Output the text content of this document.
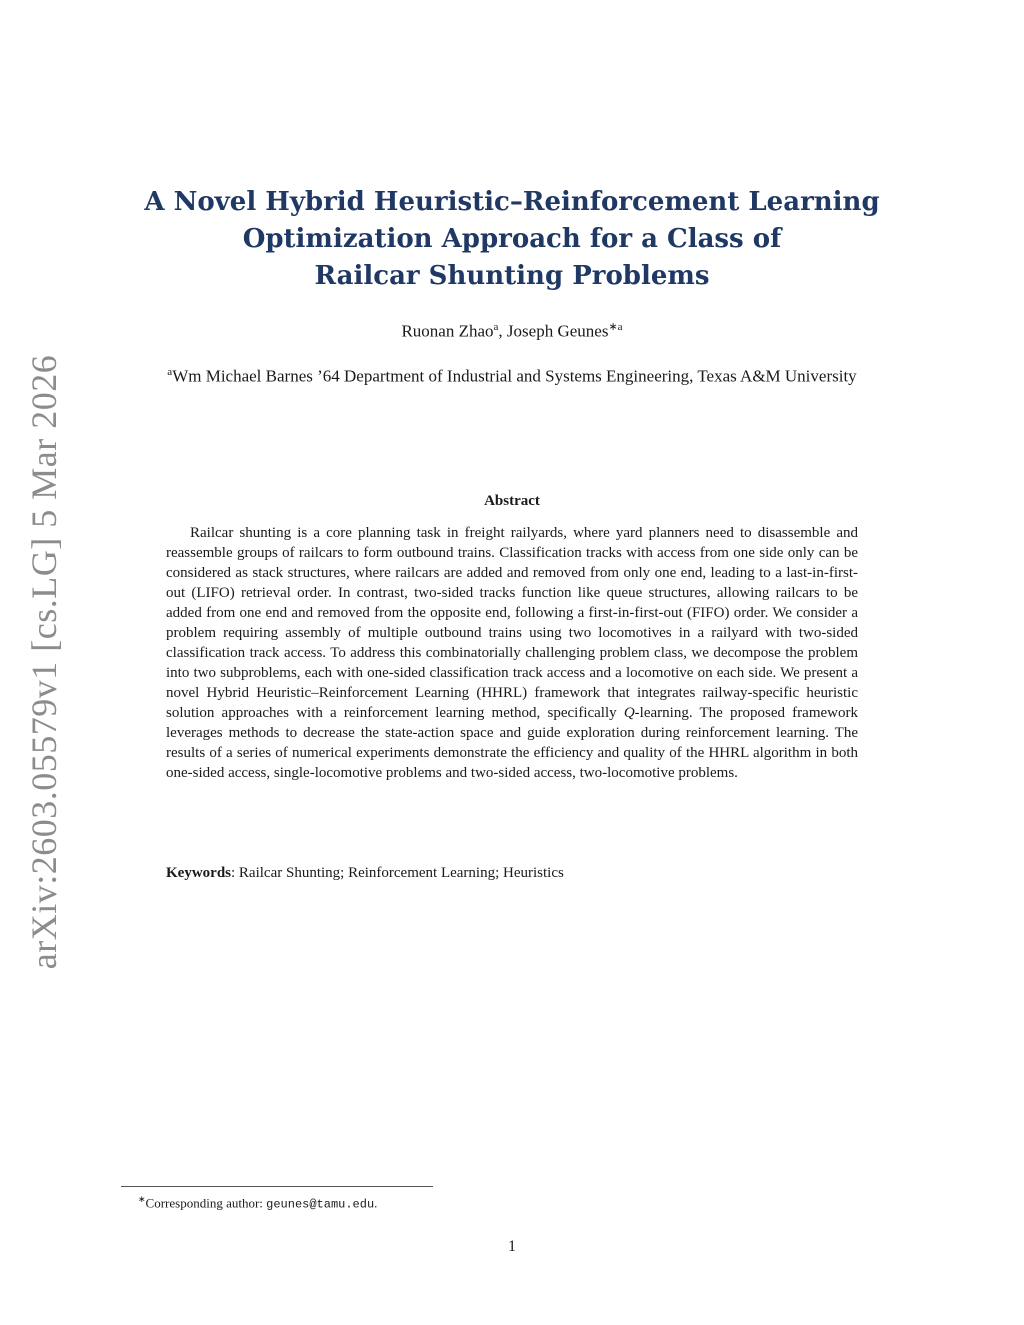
arXiv:2603.05579v1 [cs.LG] 5 Mar 2026
A Novel Hybrid Heuristic–Reinforcement Learning
Optimization Approach for a Class of
Railcar Shunting Problems
Ruonan Zhao$^a$, Joseph Geunes$^{∗a}$
$^a$Wm Michael Barnes ’64 Department of Industrial and Systems Engineering, Texas A&M University
Abstract

Railcar shunting is a core planning task in freight railyards, where yard planners need to disassemble and reassemble groups of railcars to form outbound trains. Classification tracks with access from one side only can be considered as stack structures, where railcars are added and removed from only one end, leading to a last-in-first-out (LIFO) retrieval order. In contrast, two-sided tracks function like queue structures, allowing railcars to be added from one end and removed from the opposite end, following a first-in-first-out (FIFO) order. We consider a problem requiring assembly of multiple outbound trains using two locomotives in a railyard with two-sided classification track access. To address this combinatorially challenging problem class, we decompose the problem into two subproblems, each with one-sided classification track access and a locomotive on each side. We present a novel Hybrid Heuristic–Reinforcement Learning (HHRL) framework that integrates railway-specific heuristic solution approaches with a reinforcement learning method, specifically Q-learning. The proposed framework leverages methods to decrease the state-action space and guide exploration during reinforcement learning. The results of a series of numerical experiments demonstrate the efficiency and quality of the HHRL algorithm in both one-sided access, single-locomotive problems and two-sided access, two-locomotive problems.

Keywords: Railcar Shunting; Reinforcement Learning; Heuristics
∗Corresponding author: geunes@tamu.edu.
1
